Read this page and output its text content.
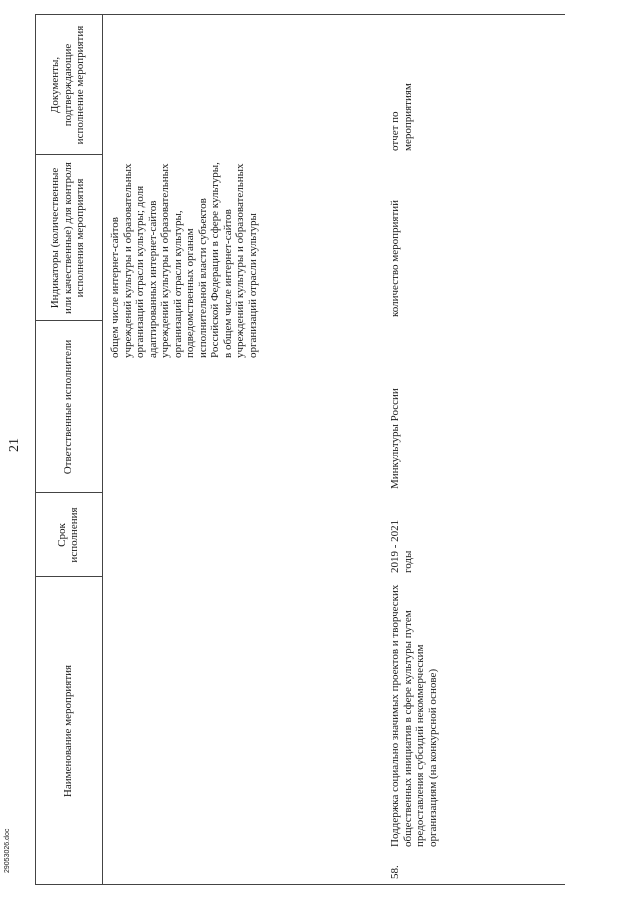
21
Наименование мероприятия
Срок исполнения
Ответственные исполнители
Индикаторы (количественные или качественные) для контроля исполнения мероприятия
Документы, подтверждающие исполнение мероприятия
общем числе интернет-сайтов учреждений культуры и образовательных организаций отрасли культуры; доля адаптированных интернет-сайтов учреждений культуры и образовательных организаций отрасли культуры, подведомственных органам исполнительной власти субъектов Российской Федерации в сфере культуры, в общем числе интернет-сайтов учреждений культуры и образовательных организаций отрасли культуры
58.
Поддержка социально значимых проектов и творческих общественных инициатив в сфере культуры путем предоставления субсидий некоммерческим организациям (на конкурсной основе)
2019 - 2021 годы
Минкультуры России
количество мероприятий
отчет по мероприятиям
29053026.doc
